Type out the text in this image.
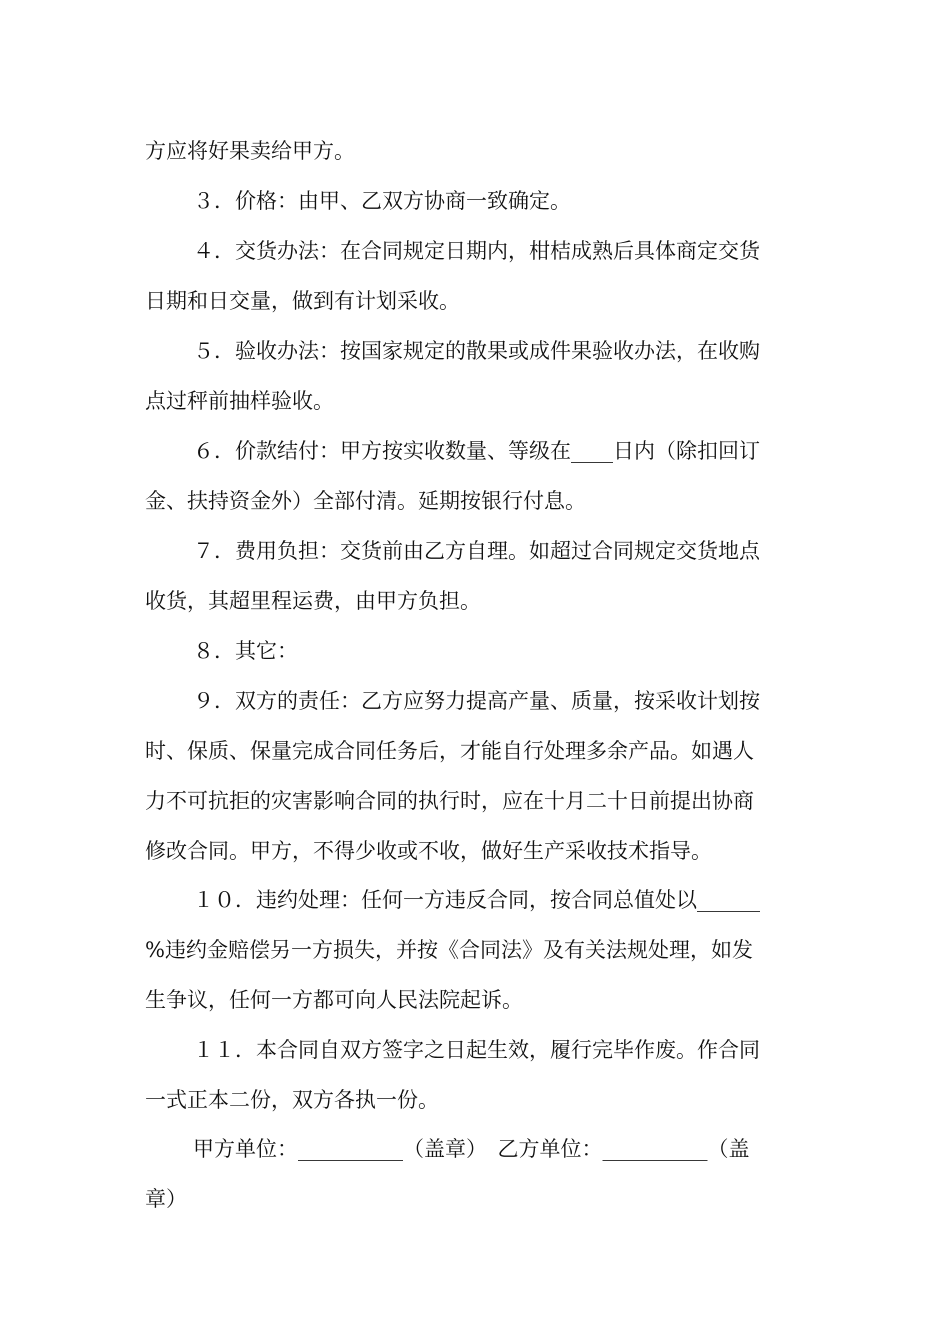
方应将好果卖给甲方。
３．价格：由甲、乙双方协商一致确定。
４．交货办法：在合同规定日期内，柑桔成熟后具体商定交货
日期和日交量，做到有计划采收。
５．验收办法：按国家规定的散果或成件果验收办法，在收购
点过秤前抽样验收。
６．价款结付：甲方按实收数量、等级在____日内（除扣回订
金、扶持资金外）全部付清。延期按银行付息。
７．费用负担：交货前由乙方自理。如超过合同规定交货地点
收货，其超里程运费，由甲方负担。
８．其它：
９．双方的责任：乙方应努力提高产量、质量，按采收计划按
时、保质、保量完成合同任务后，才能自行处理多余产品。如遇人
力不可抗拒的灾害影响合同的执行时，应在十月二十日前提出协商
修改合同。甲方，不得少收或不收，做好生产采收技术指导。
１０．违约处理：任何一方违反合同，按合同总值处以______
%违约金赔偿另一方损失，并按《合同法》及有关法规处理，如发
生争议，任何一方都可向人民法院起诉。
１１．本合同自双方签字之日起生效，履行完毕作废。作合同
一式正本二份，双方各执一份。
甲方单位：__________（盖章）　乙方单位：__________（盖
章）
